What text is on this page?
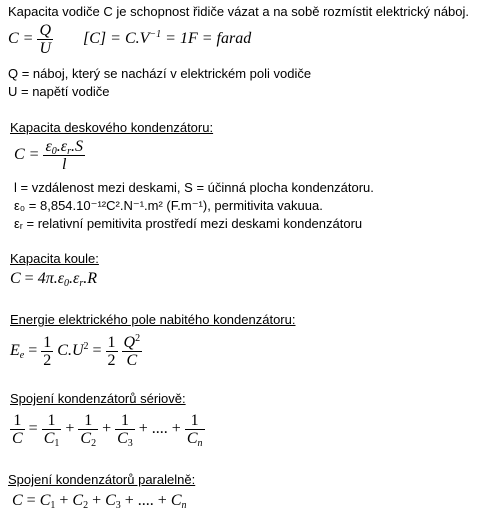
Kapacita vodiče C je schopnost řidiče vázat a na sobě rozmístit elektrický náboj.
$C = \frac{Q}{U} [C] = C.V^{-1} = 1F$ = farad
Q = náboj, který se nachází v elektrickém poli vodiče
U = napětí vodiče
Kapacita deskového kondenzátoru:
$C = \frac{\varepsilon_0.\varepsilon_r.S}{l}$
l = vzdálenost mezi deskami, S = účinná plocha kondenzátoru.
ε₀ = 8,854.10⁻¹²C².N⁻¹.m² (F.m⁻¹), permitivita vakuua.
εᵣ = relativní pemitivita prostředí mezi deskami kondenzátoru
Kapacita koule:
$C = 4\pi.\varepsilon_0.\varepsilon_r.R$
Energie elektrického pole nabitého kondenzátoru:
$E_e = \frac{1}{2} C.U^2 = \frac{1}{2}$
$\frac{Q^2}{C}$
Spojení kondenzátorů sériově:
$\frac{1}{C} = \frac{1}{C_1} + \frac{1}{C_2} + \frac{1}{C_3}$ + .... + $\frac{1}{C_n}$
Spojení kondenzátorů paralelně:
$C = C_1 + C_2 + C_3$ + .... + $C_n$
